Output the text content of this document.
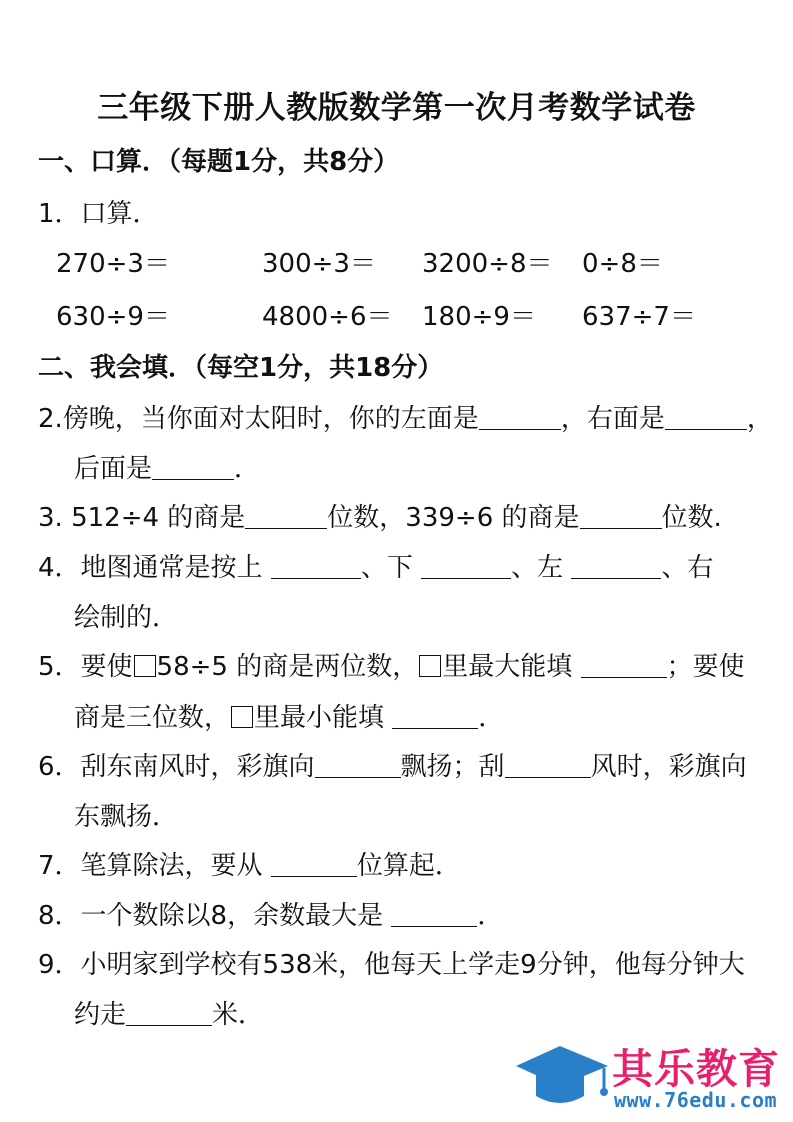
三年级下册人教版数学第一次月考数学试卷
一、口算．（每题1分，共8分）
1．口算．
270÷3＝	300÷3＝ 3200÷8＝ 0÷8＝
630÷9＝	4800÷6＝ 180÷9＝ 637÷7＝
二、我会填．（每空1分，共18分）
2.傍晚，当你面对太阳时，你的左面是	，右面是	，
后面是	．
3. 512÷4 的商是	位数，339÷6 的商是	位数.
4．地图通常是按上	、下	、左	、右
绘制的．
5．要使 58÷5 的商是两位数， 里最大能填	；要使
商是三位数， 里最小能填	．
6．刮东南风时，彩旗向	飘扬；刮	风时，彩旗向
东飘扬．
7．笔算除法，要从	位算起．
8．一个数除以8，余数最大是	．
9．小明家到学校有538米，他每天上学走9分钟，他每分钟大
约走	米．
其乐教育
www.76edu.com
